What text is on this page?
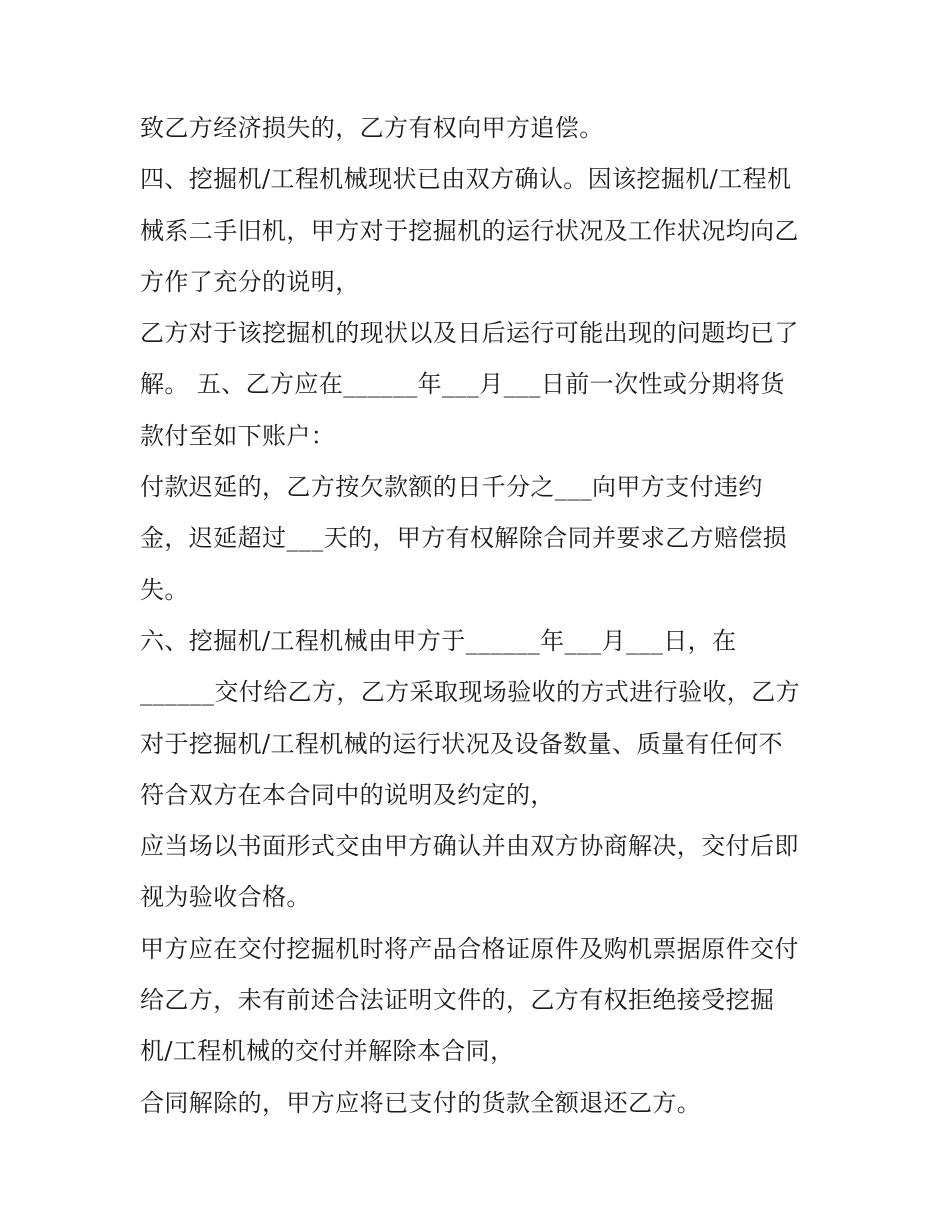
致乙方经济损失的，乙方有权向甲方追偿。
四、挖掘机/工程机械现状已由双方确认。因该挖掘机/工程机
械系二手旧机，甲方对于挖掘机的运行状况及工作状况均向乙
方作了充分的说明，
乙方对于该挖掘机的现状以及日后运行可能出现的问题均已了
解。 五、乙方应在______年___月___日前一次性或分期将货
款付至如下账户：
付款迟延的，乙方按欠款额的日千分之___向甲方支付违约
金，迟延超过___天的，甲方有权解除合同并要求乙方赔偿损
失。
六、挖掘机/工程机械由甲方于______年___月___日，在
______交付给乙方，乙方采取现场验收的方式进行验收，乙方
对于挖掘机/工程机械的运行状况及设备数量、质量有任何不
符合双方在本合同中的说明及约定的，
应当场以书面形式交由甲方确认并由双方协商解决，交付后即
视为验收合格。
甲方应在交付挖掘机时将产品合格证原件及购机票据原件交付
给乙方，未有前述合法证明文件的，乙方有权拒绝接受挖掘
机/工程机械的交付并解除本合同，
合同解除的，甲方应将已支付的货款全额退还乙方。
